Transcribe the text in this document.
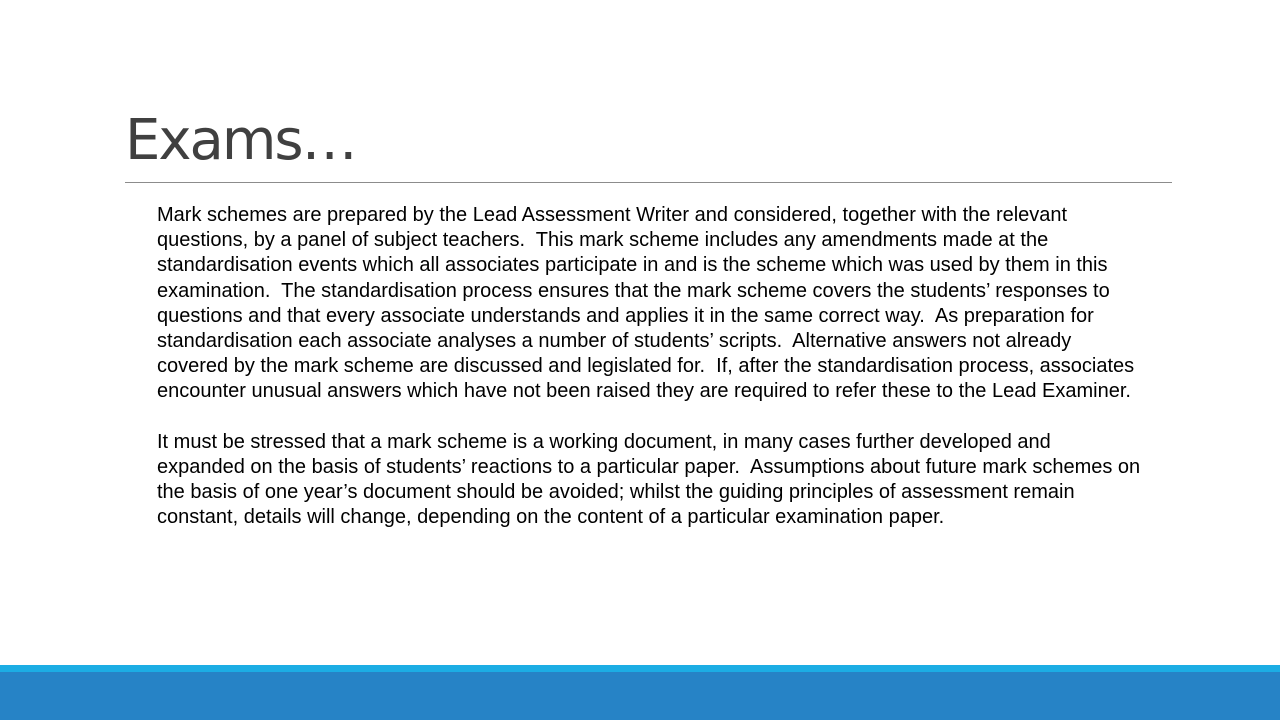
Exams…

Mark schemes are prepared by the Lead Assessment Writer and considered, together with the relevant questions, by a panel of subject teachers.  This mark scheme includes any amendments made at the standardisation events which all associates participate in and is the scheme which was used by them in this examination.  The standardisation process ensures that the mark scheme covers the students’ responses to questions and that every associate understands and applies it in the same correct way.  As preparation for standardisation each associate analyses a number of students’ scripts.  Alternative answers not already covered by the mark scheme are discussed and legislated for.  If, after the standardisation process, associates encounter unusual answers which have not been raised they are required to refer these to the Lead Examiner.

It must be stressed that a mark scheme is a working document, in many cases further developed and expanded on the basis of students’ reactions to a particular paper.  Assumptions about future mark schemes on the basis of one year’s document should be avoided; whilst the guiding principles of assessment remain constant, details will change, depending on the content of a particular examination paper.
